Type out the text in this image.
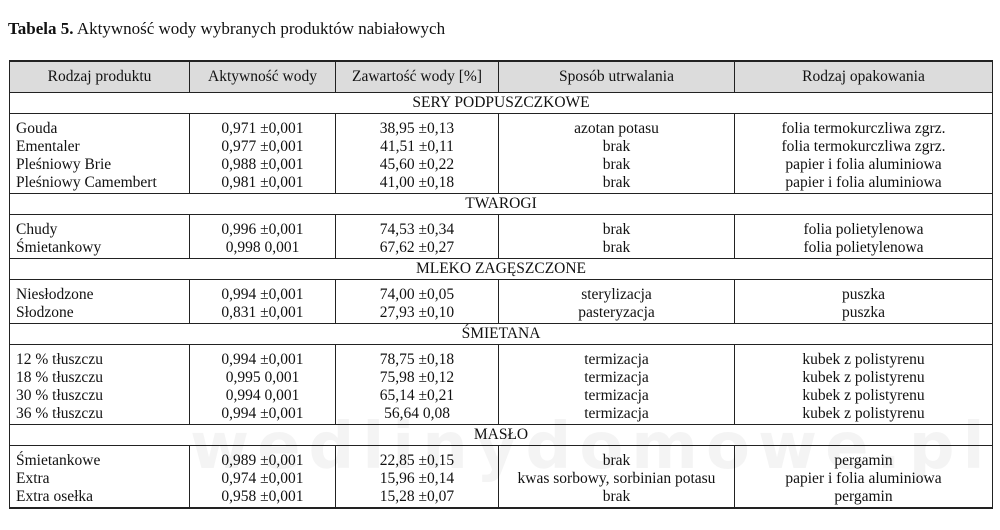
Tabela 5. Aktywność wody wybranych produktów nabiałowych
Rodzaj produktu	Aktywność wody	Zawartość wody [%]	Sposób utrwalania	Rodzaj opakowania
SERY PODPUSZCZKOWE				
Gouda	0,971 ±0,001	38,95 ±0,13	azotan potasu	folia termokurczliwa zgrz.
Ementaler	0,977 ±0,001	41,51 ±0,11	brak	folia termokurczliwa zgrz.
Pleśniowy Brie	0,988 ±0,001	45,60 ±0,22	brak	papier i folia aluminiowa
Pleśniowy Camembert	0,981 ±0,001	41,00 ±0,18	brak	papier i folia aluminiowa
TWAROGI				
Chudy	0,996 ±0,001	74,53 ±0,34	brak	folia polietylenowa
Śmietankowy	0,998 0,001	67,62 ±0,27	brak	folia polietylenowa
MLEKO ZAGĘSZCZONE				
Niesłodzone	0,994 ±0,001	74,00 ±0,05	sterylizacja	puszka
Słodzone	0,831 ±0,001	27,93 ±0,10	pasteryzacja	puszka
ŚMIETANA				
12 % tłuszczu	0,994 ±0,001	78,75 ±0,18	termizacja	kubek z polistyrenu
18 % tłuszczu	0,995 0,001	75,98 ±0,12	termizacja	kubek z polistyrenu
30 % tłuszczu	0,994 0,001	65,14 ±0,21	termizacja	kubek z polistyrenu
36 % tłuszczu	0,994 ±0,001	56,64 0,08	termizacja	kubek z polistyrenu
MASŁO				
Śmietankowe	0,989 ±0,001	22,85 ±0,15	brak	pergamin
Extra	0,974 ±0,001	15,96 ±0,14	kwas sorbowy, sorbinian potasu	papier i folia aluminiowa
Extra osełka	0,958 ±0,001	15,28 ±0,07	brak	pergamin
